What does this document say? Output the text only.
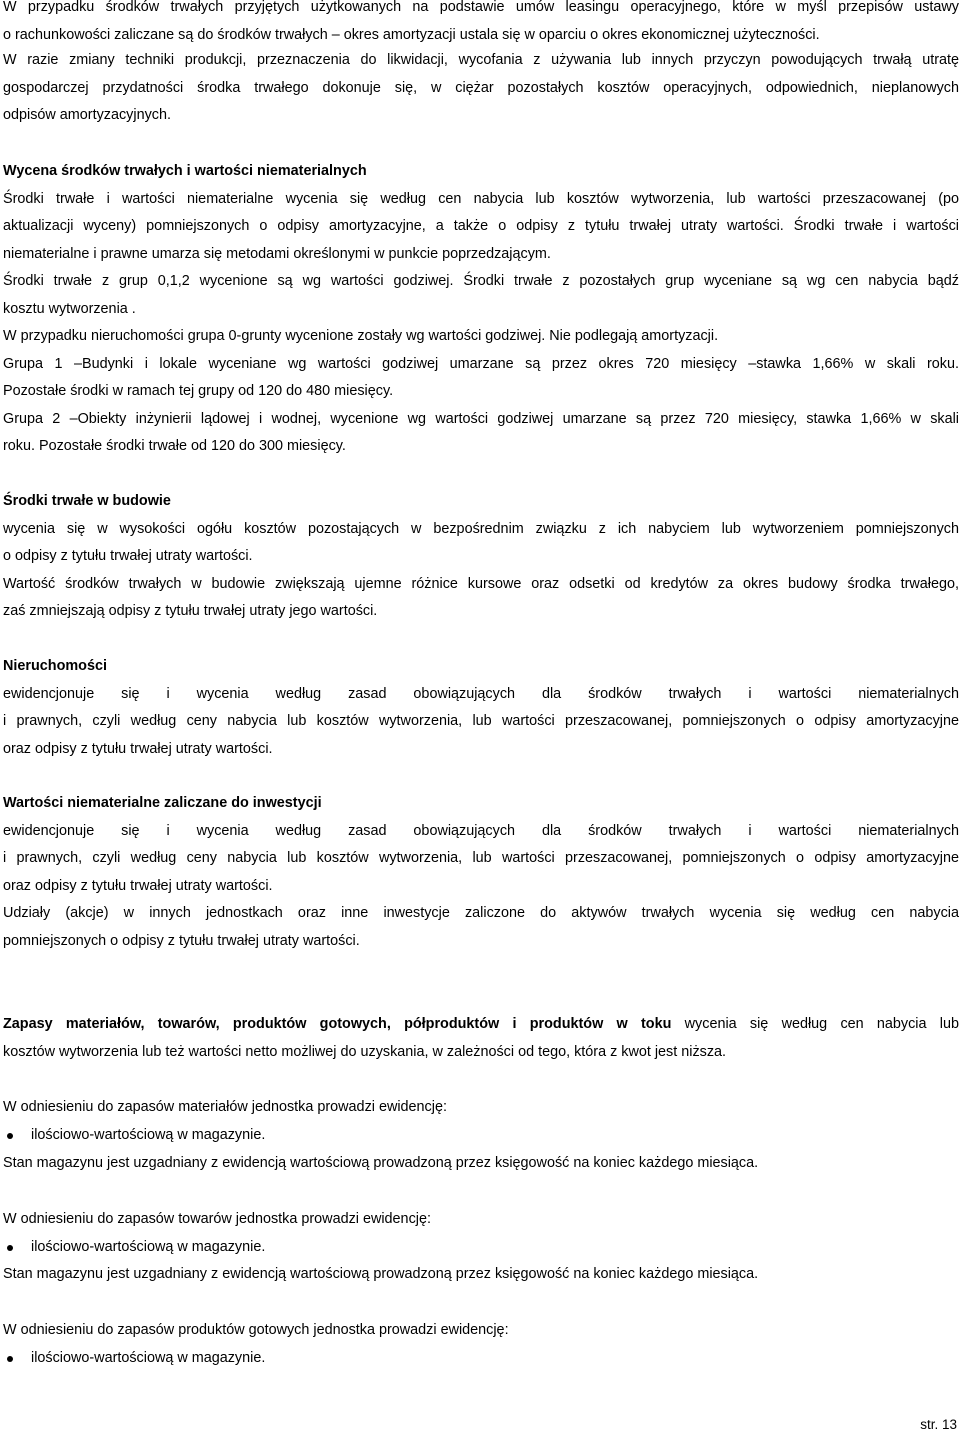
W przypadku środków trwałych przyjętych użytkowanych na podstawie umów leasingu operacyjnego, które w myśl przepisów ustawy
o rachunkowości zaliczane są do środków trwałych – okres amortyzacji ustala się w oparciu o okres ekonomicznej użyteczności.
W razie zmiany techniki produkcji, przeznaczenia do likwidacji, wycofania z używania lub innych przyczyn powodujących trwałą utratę
gospodarczej przydatności środka trwałego dokonuje się, w ciężar pozostałych kosztów operacyjnych, odpowiednich, nieplanowych
odpisów amortyzacyjnych.
Wycena środków trwałych i wartości niematerialnych
Środki trwałe i wartości niematerialne wycenia się według cen nabycia lub kosztów wytworzenia, lub wartości przeszacowanej (po
aktualizacji wyceny) pomniejszonych o odpisy amortyzacyjne, a także o odpisy z tytułu trwałej utraty wartości. Środki trwałe i wartości
niematerialne i prawne umarza się metodami określonymi w punkcie poprzedzającym.
Środki trwałe z grup 0,1,2 wycenione są wg wartości godziwej. Środki trwałe z pozostałych grup wyceniane są wg cen nabycia bądź
kosztu wytworzenia .
W przypadku nieruchomości grupa 0-grunty wycenione zostały wg wartości godziwej. Nie podlegają amortyzacji.
Grupa 1 –Budynki i lokale wyceniane wg wartości godziwej umarzane są przez okres 720 miesięcy –stawka 1,66% w skali roku.
Pozostałe środki w ramach tej grupy od 120 do 480 miesięcy.
Grupa 2 –Obiekty inżynierii lądowej i wodnej, wycenione wg wartości godziwej umarzane są przez 720 miesięcy, stawka 1,66% w skali
roku. Pozostałe środki trwałe od 120 do 300 miesięcy.
Środki trwałe w budowie
wycenia się w wysokości ogółu kosztów pozostających w bezpośrednim związku z ich nabyciem lub wytworzeniem pomniejszonych
o odpisy z tytułu trwałej utraty wartości.
Wartość środków trwałych w budowie zwiększają ujemne różnice kursowe oraz odsetki od kredytów za okres budowy środka trwałego,
zaś zmniejszają odpisy z tytułu trwałej utraty jego wartości.
Nieruchomości
ewidencjonuje się i wycenia według zasad obowiązujących dla środków trwałych i wartości niematerialnych
i prawnych, czyli według ceny nabycia lub kosztów wytworzenia, lub wartości przeszacowanej, pomniejszonych o odpisy amortyzacyjne
oraz odpisy z tytułu trwałej utraty wartości.
Wartości niematerialne zaliczane do inwestycji
ewidencjonuje się i wycenia według zasad obowiązujących dla środków trwałych i wartości niematerialnych
i prawnych, czyli według ceny nabycia lub kosztów wytworzenia, lub wartości przeszacowanej, pomniejszonych o odpisy amortyzacyjne
oraz odpisy z tytułu trwałej utraty wartości.
Udziały (akcje) w innych jednostkach oraz inne inwestycje zaliczone do aktywów trwałych wycenia się według cen nabycia
pomniejszonych o odpisy z tytułu trwałej utraty wartości.
Zapasy materiałów, towarów, produktów gotowych, półproduktów i produktów w toku wycenia się według cen nabycia lub
kosztów wytworzenia lub też wartości netto możliwej do uzyskania, w zależności od tego, która z kwot jest niższa.
W odniesieniu do zapasów materiałów jednostka prowadzi ewidencję:
ilościowo-wartościową w magazynie.
Stan magazynu jest uzgadniany z ewidencją wartościową prowadzoną przez księgowość na koniec każdego miesiąca.
W odniesieniu do zapasów towarów jednostka prowadzi ewidencję:
ilościowo-wartościową w magazynie.
Stan magazynu jest uzgadniany z ewidencją wartościową prowadzoną przez księgowość na koniec każdego miesiąca.
W odniesieniu do zapasów produktów gotowych jednostka prowadzi ewidencję:
ilościowo-wartościową w magazynie.
str. 13
